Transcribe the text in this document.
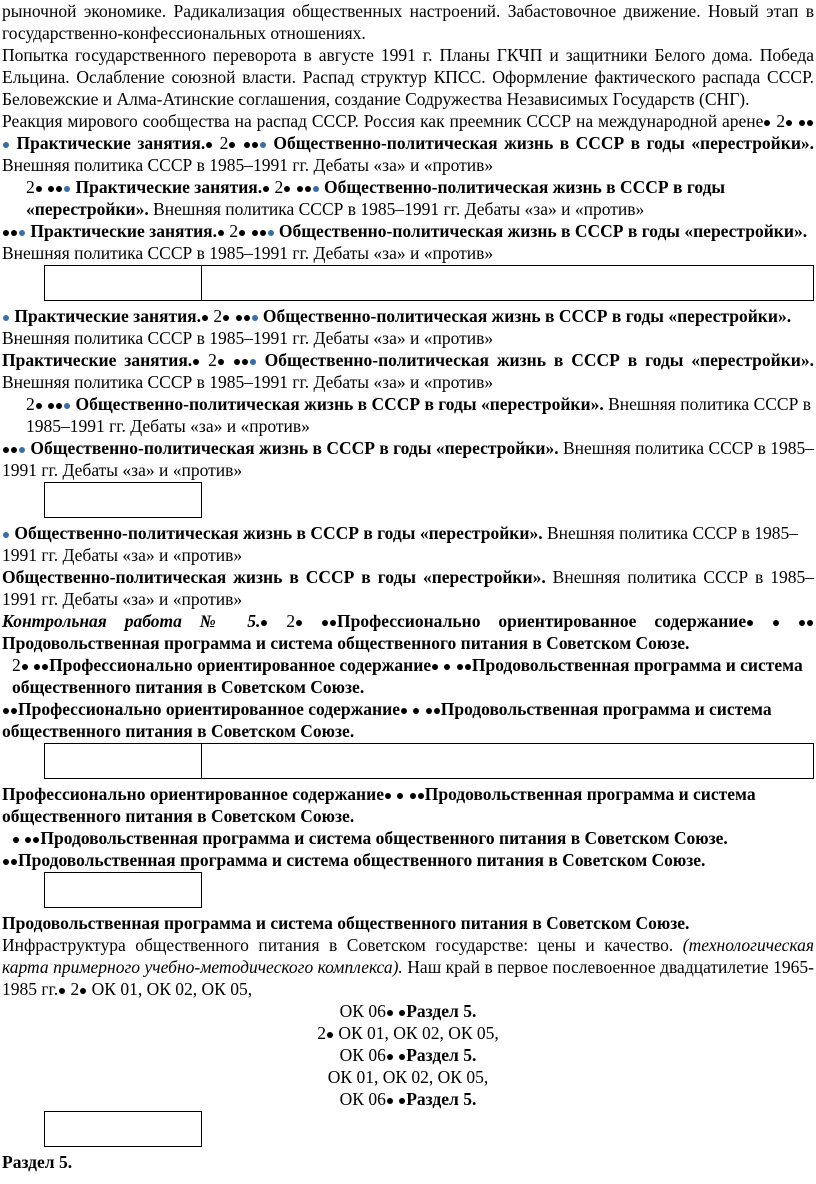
рыночной экономике. Радикализация общественных настроений. Забастовочное движение. Новый этап в государственно-конфессиональных отношениях.

Попытка государственного переворота в августе 1991 г. Планы ГКЧП и защитники Белого дома. Победа Ельцина. Ослабление союзной власти. Распад структур КПСС. Оформление фактического распада СССР. Беловежские и Алма-Атинские соглашения, создание Содружества Независимых Государств (СНГ).

Реакция мирового сообщества на распад СССР. Россия как преемник СССР на международной арене 2  Практические занятия. 2	Общественно-политическая жизнь в СССР в годы «перестройки». Внешняя политика СССР в 1985–1991 гг. Дебаты «за» и «против»

2 Практические занятия. 2 Общественно-политическая жизнь в СССР в годы «перестройки». Внешняя политика СССР в 1985–1991 гг. Дебаты «за» и «против»

Практические занятия. 2 Общественно-политическая жизнь в СССР в годы «перестройки». Внешняя политика СССР в 1985–1991 гг. Дебаты «за» и «против»

Практические занятия. 2 Общественно-политическая жизнь в СССР в годы «перестройки». Внешняя политика СССР в 1985–1991 гг. Дебаты «за» и «против»

Практические занятия. 2	Общественно-политическая жизнь в СССР в годы «перестройки». Внешняя политика СССР в 1985–1991 гг. Дебаты «за» и «против»

2 Общественно-политическая жизнь в СССР в годы «перестройки». Внешняя политика СССР в 1985–1991 гг. Дебаты «за» и «против»

Общественно-политическая жизнь в СССР в годы «перестройки». Внешняя политика СССР в 1985–1991 гг. Дебаты «за» и «против»

Общественно-политическая жизнь в СССР в годы «перестройки». Внешняя политика СССР в 1985–1991 гг. Дебаты «за» и «против»

Общественно-политическая жизнь в СССР в годы «перестройки». Внешняя политика СССР в 1985–1991 гг. Дебаты «за» и «против»

Контрольная работа № 5. 2 Профессионально ориентированное содержание  Продовольственная программа и система общественного питания в Советском Союзе.

2 Профессионально ориентированное содержание Продовольственная программа и система общественного питания в Советском Союзе.

Профессионально ориентированное содержание Продовольственная программа и система общественного питания в Советском Союзе.

Профессионально ориентированное содержание Продовольственная программа и система общественного питания в Советском Союзе.

Продовольственная программа и система общественного питания в Советском Союзе.

Продовольственная программа и система общественного питания в Советском Союзе.

Продовольственная программа и система общественного питания в Советском Союзе.

Инфраструктура общественного питания в Советском государстве: цены и качество. (технологическая карта примерного учебно-методического комплекса). Наш край в первое послевоенное двадцатилетие 1965-1985 гг. 2 ОК 01, ОК 02, ОК 05,

ОК 06 Раздел 5.

2 ОК 01, ОК 02, ОК 05,

ОК 06 Раздел 5.

ОК 01, ОК 02, ОК 05,

ОК 06 Раздел 5.

Раздел 5.
